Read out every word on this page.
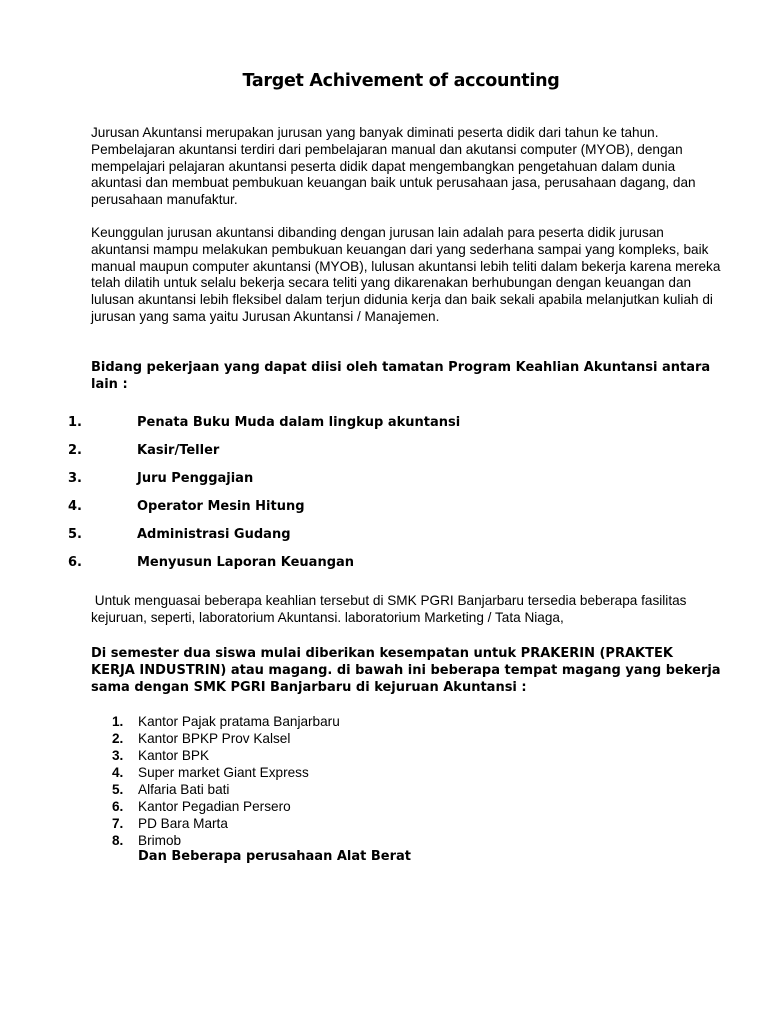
Target Achivement of accounting
Jurusan Akuntansi merupakan jurusan yang banyak diminati peserta didik dari tahun ke tahun. Pembelajaran akuntansi terdiri dari pembelajaran manual dan akutansi computer (MYOB), dengan mempelajari pelajaran akuntansi peserta didik dapat mengembangkan pengetahuan dalam dunia akuntasi dan membuat pembukuan keuangan baik untuk perusahaan jasa, perusahaan dagang, dan perusahaan manufaktur.
Keunggulan jurusan akuntansi dibanding dengan jurusan lain adalah para peserta didik jurusan akuntansi mampu melakukan pembukuan keuangan dari yang sederhana sampai yang kompleks, baik manual maupun computer akuntansi (MYOB), lulusan akuntansi lebih teliti dalam bekerja karena mereka telah dilatih untuk selalu bekerja secara teliti yang dikarenakan berhubungan dengan keuangan dan lulusan akuntansi lebih fleksibel dalam terjun didunia kerja dan baik sekali apabila melanjutkan kuliah di jurusan yang sama yaitu Jurusan Akuntansi / Manajemen.
Bidang pekerjaan yang dapat diisi oleh tamatan Program Keahlian Akuntansi antara lain :
1.	Penata Buku Muda dalam lingkup akuntansi
2.	Kasir/Teller
3.	Juru Penggajian
4.	Operator Mesin Hitung
5.	Administrasi Gudang
6.	Menyusun Laporan Keuangan
Untuk menguasai beberapa keahlian tersebut di SMK PGRI Banjarbaru tersedia beberapa fasilitas kejuruan, seperti, laboratorium Akuntansi. laboratorium Marketing / Tata Niaga,
Di semester dua siswa mulai diberikan kesempatan untuk PRAKERIN (PRAKTEK KERJA INDUSTRIN) atau magang. di bawah ini beberapa tempat magang yang bekerja sama dengan SMK PGRI Banjarbaru di kejuruan Akuntansi :
1. Kantor Pajak pratama Banjarbaru
2. Kantor BPKP Prov Kalsel
3. Kantor BPK
4. Super market Giant Express
5. Alfaria Bati bati
6. Kantor Pegadian Persero
7. PD Bara Marta
8. Brimob
Dan Beberapa perusahaan Alat Berat
